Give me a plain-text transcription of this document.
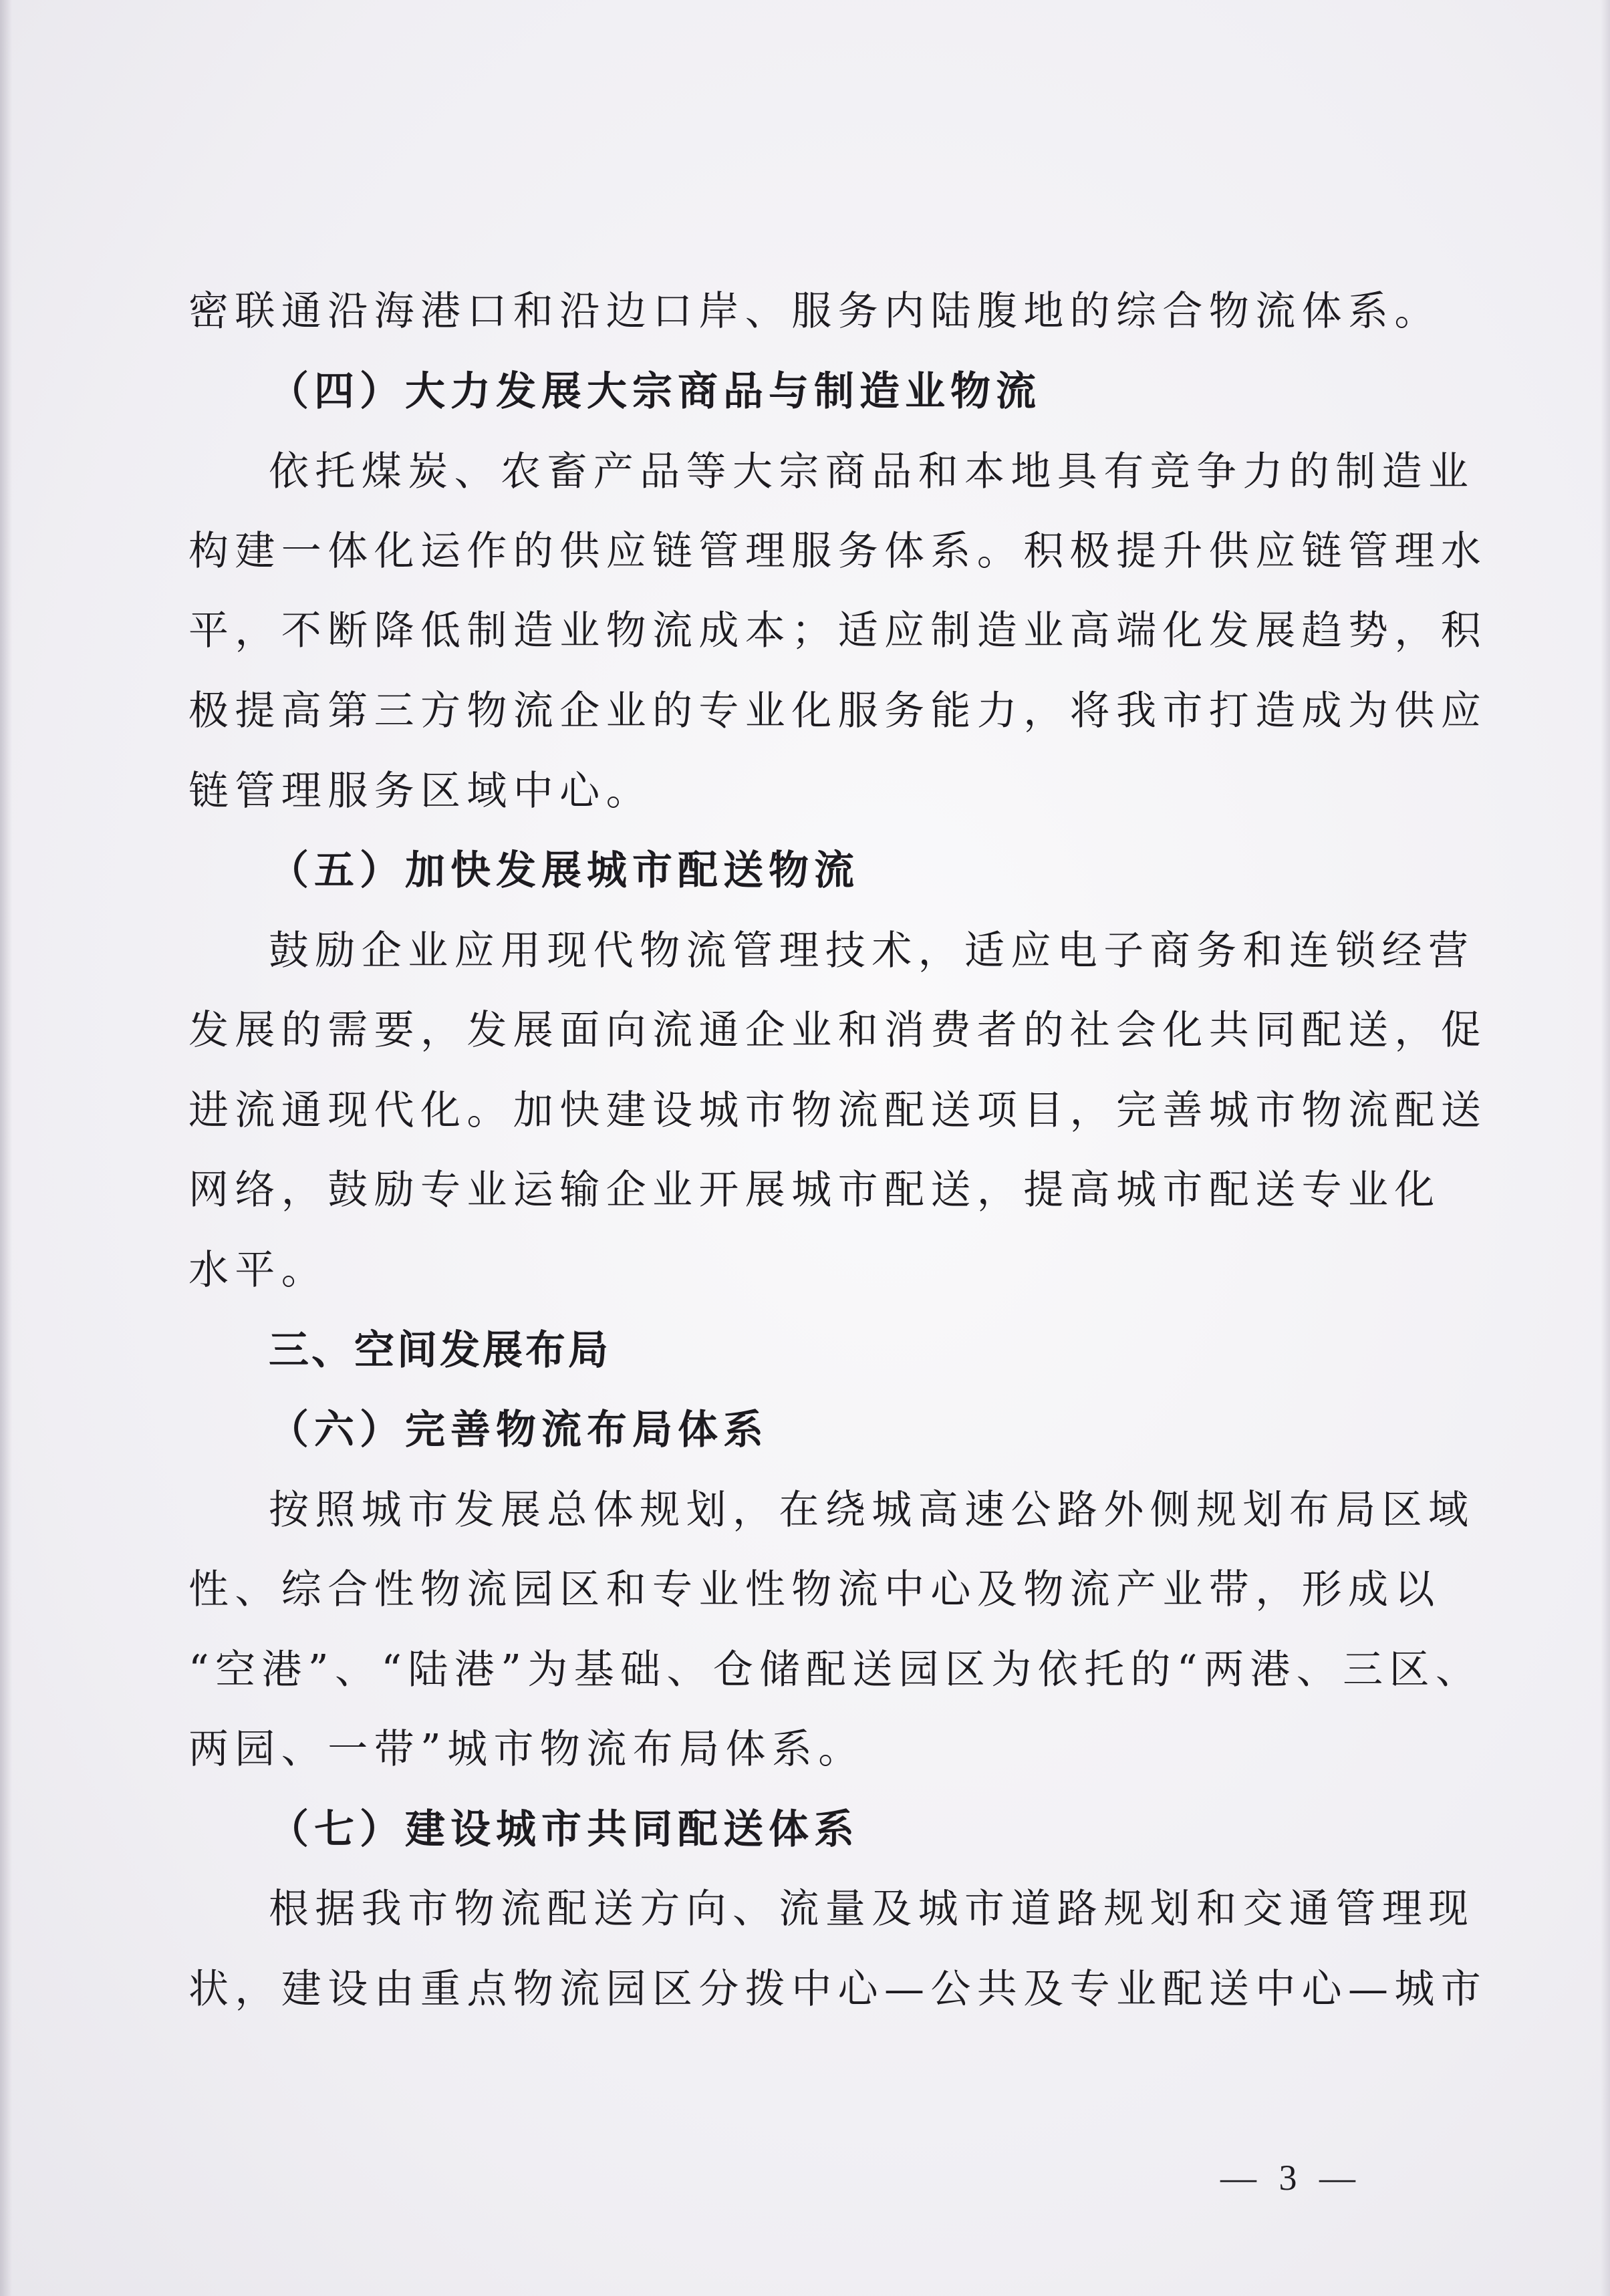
密联通沿海港口和沿边口岸、服务内陆腹地的综合物流体系。
（四）大力发展大宗商品与制造业物流
依托煤炭、农畜产品等大宗商品和本地具有竞争力的制造业
构建一体化运作的供应链管理服务体系。积极提升供应链管理水
平，不断降低制造业物流成本；适应制造业高端化发展趋势，积
极提高第三方物流企业的专业化服务能力，将我市打造成为供应
链管理服务区域中心。
（五）加快发展城市配送物流
鼓励企业应用现代物流管理技术，适应电子商务和连锁经营
发展的需要，发展面向流通企业和消费者的社会化共同配送，促
进流通现代化。加快建设城市物流配送项目，完善城市物流配送
网络，鼓励专业运输企业开展城市配送，提高城市配送专业化
水平。
三、空间发展布局
（六）完善物流布局体系
按照城市发展总体规划，在绕城高速公路外侧规划布局区域
性、综合性物流园区和专业性物流中心及物流产业带，形成以
“空港”、“陆港”为基础、仓储配送园区为依托的“两港、三区、
两园、一带”城市物流布局体系。
（七）建设城市共同配送体系
根据我市物流配送方向、流量及城市道路规划和交通管理现
状，建设由重点物流园区分拨中心—公共及专业配送中心—城市
— 3 —
